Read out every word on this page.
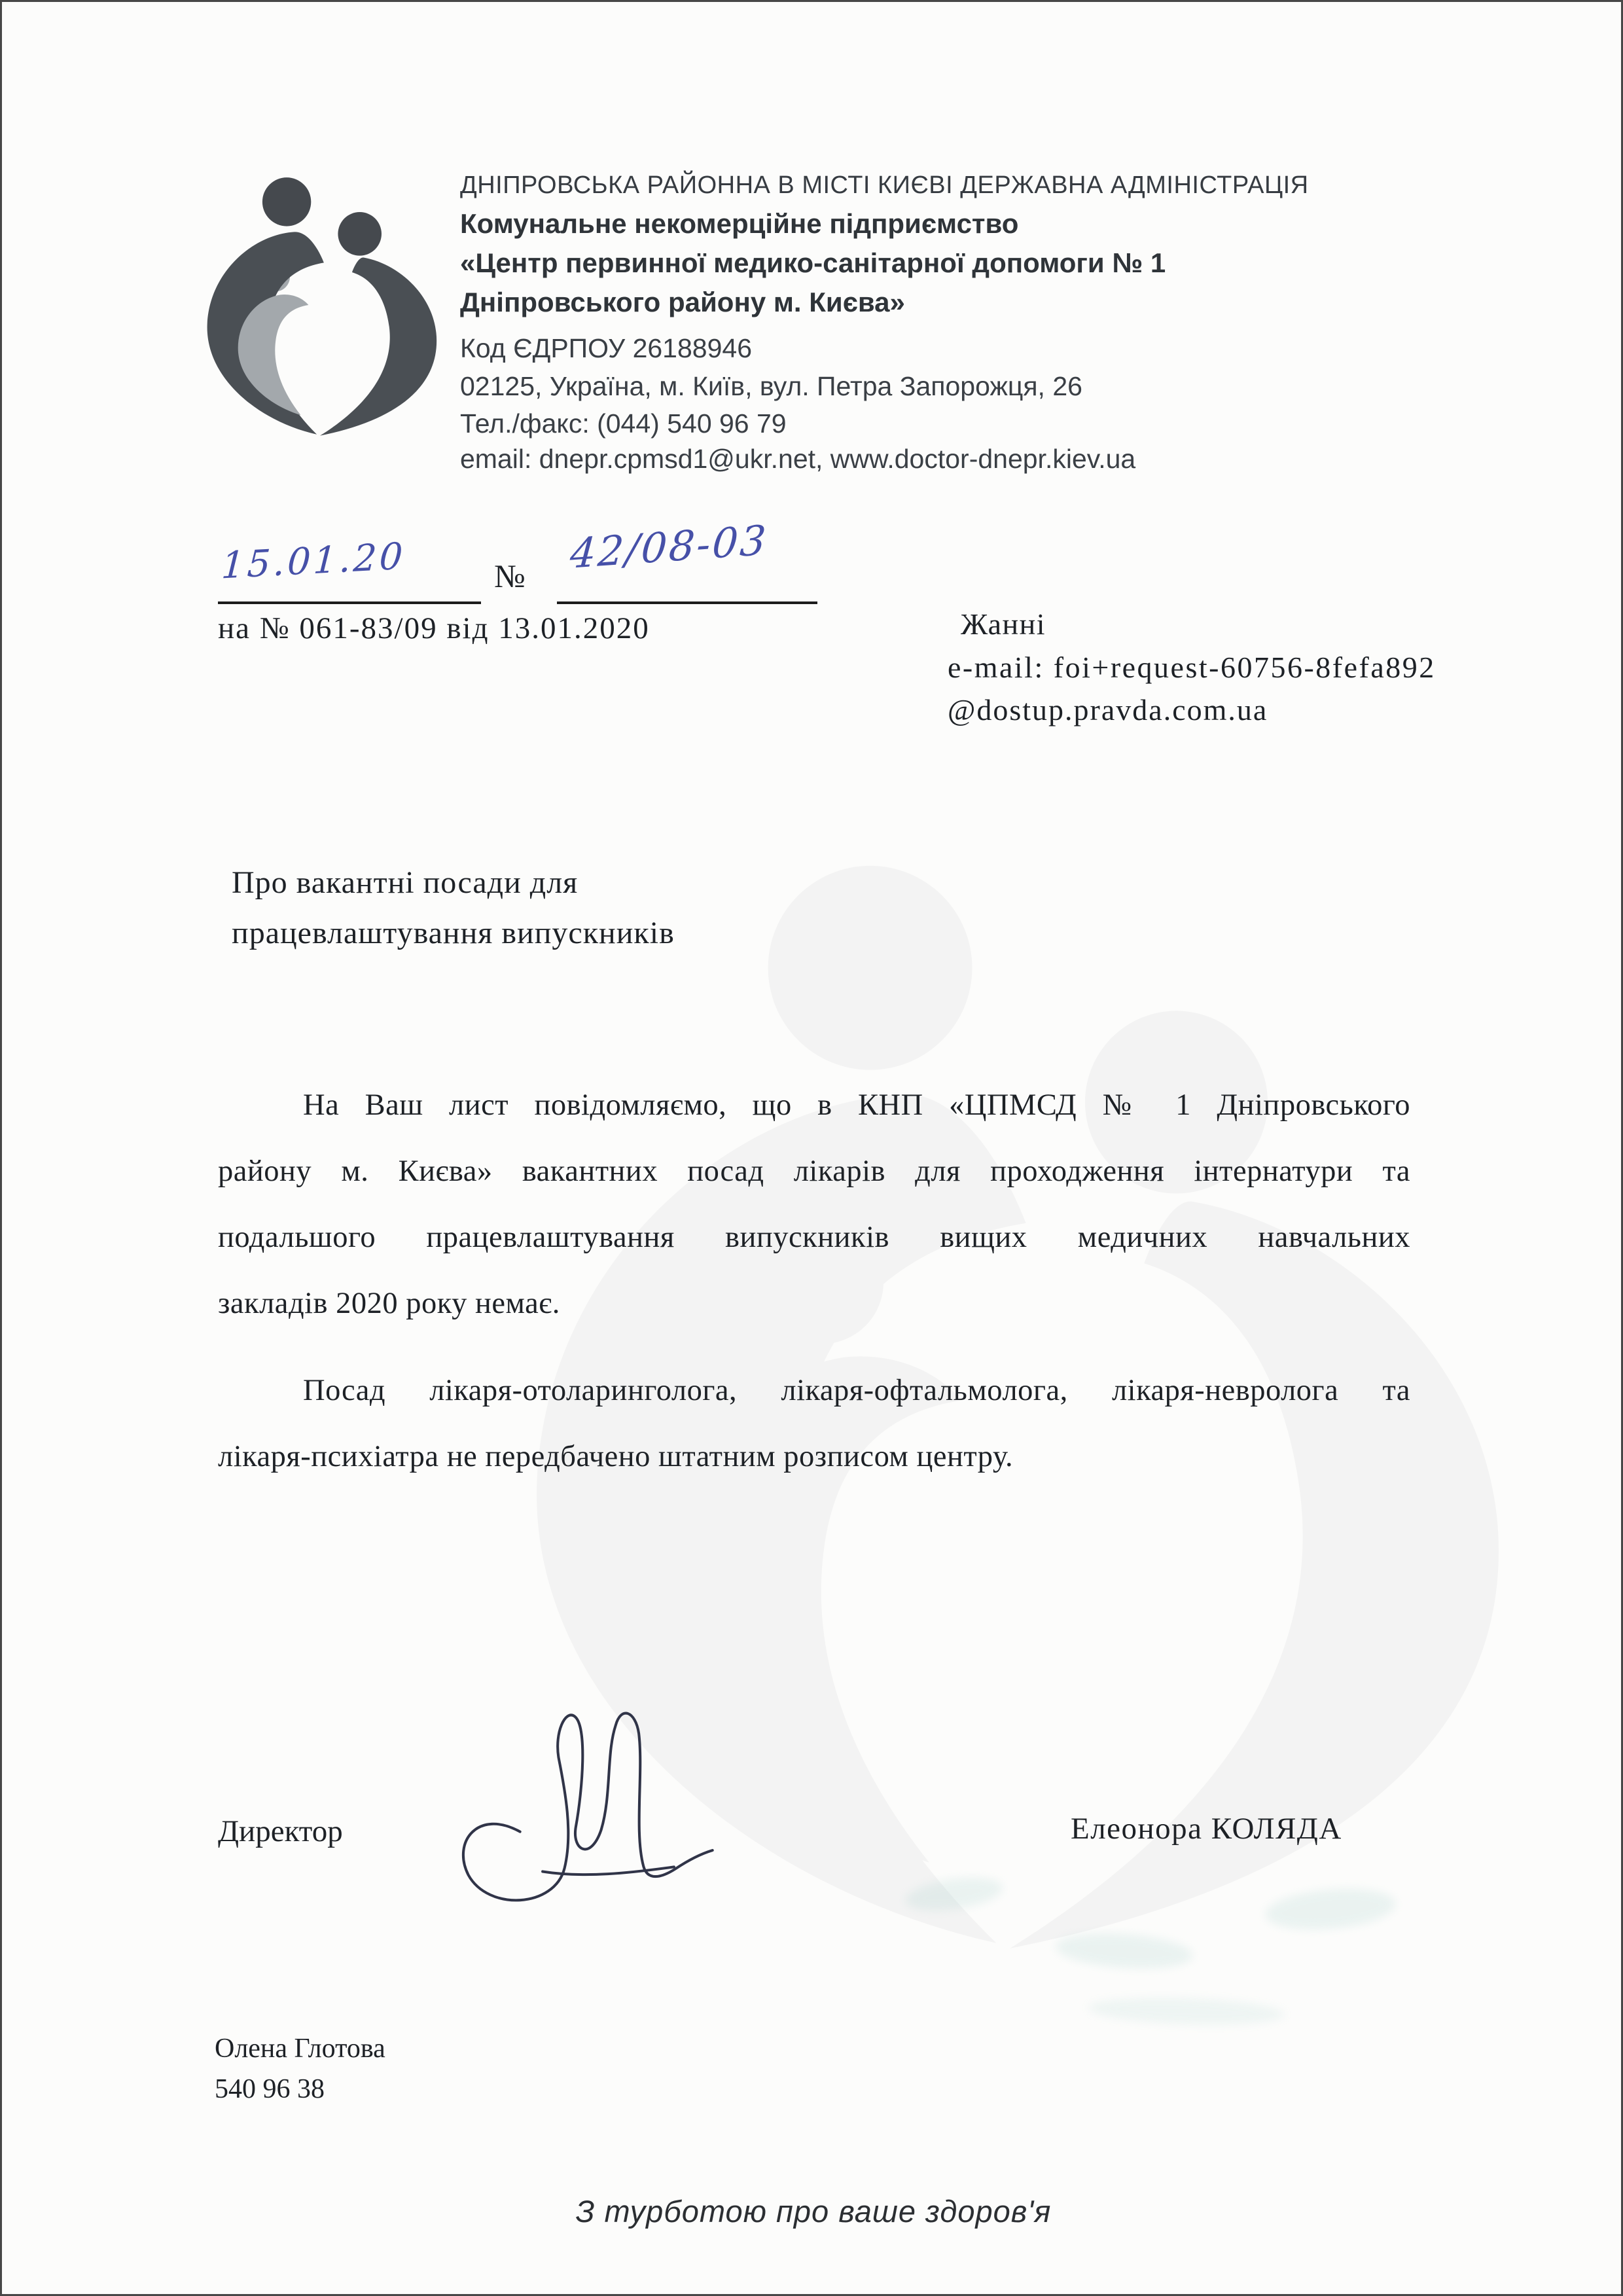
ДНІПРОВСЬКА РАЙОННА В МІСТІ КИЄВІ ДЕРЖАВНА АДМІНІСТРАЦІЯ
Комунальне некомерційне підприємство
«Центр первинної медико-санітарної допомоги № 1
Дніпровського району м. Києва»
Код ЄДРПОУ 26188946
02125, Україна, м. Київ, вул. Петра Запорожця, 26
Тел./факс: (044) 540 96 79
email: dnepr.cpmsd1@ukr.net, www.doctor-dnepr.kiev.ua
15.01.20	№ 42/08-03
на № 061-83/09 від 13.01.2020	Жанні
e-mail: foi+request-60756-8fefa892
@dostup.pravda.com.ua
Про вакантні посади для
працевлаштування випускників
На Ваш лист повідомляємо, що в КНП «ЦПМСД № 1 Дніпровського
району м. Києва» вакантних посад лікарів для проходження інтернатури та
подальшого працевлаштування випускників вищих медичних навчальних
закладів 2020 року немає.
Посад лікаря-отоларинголога, лікаря-офтальмолога, лікаря-невролога та
лікаря-психіатра не передбачено штатним розписом центру.
Директор	Елеонора КОЛЯДА
Олена Глотова
540 96 38
З турботою про ваше здоров'я
